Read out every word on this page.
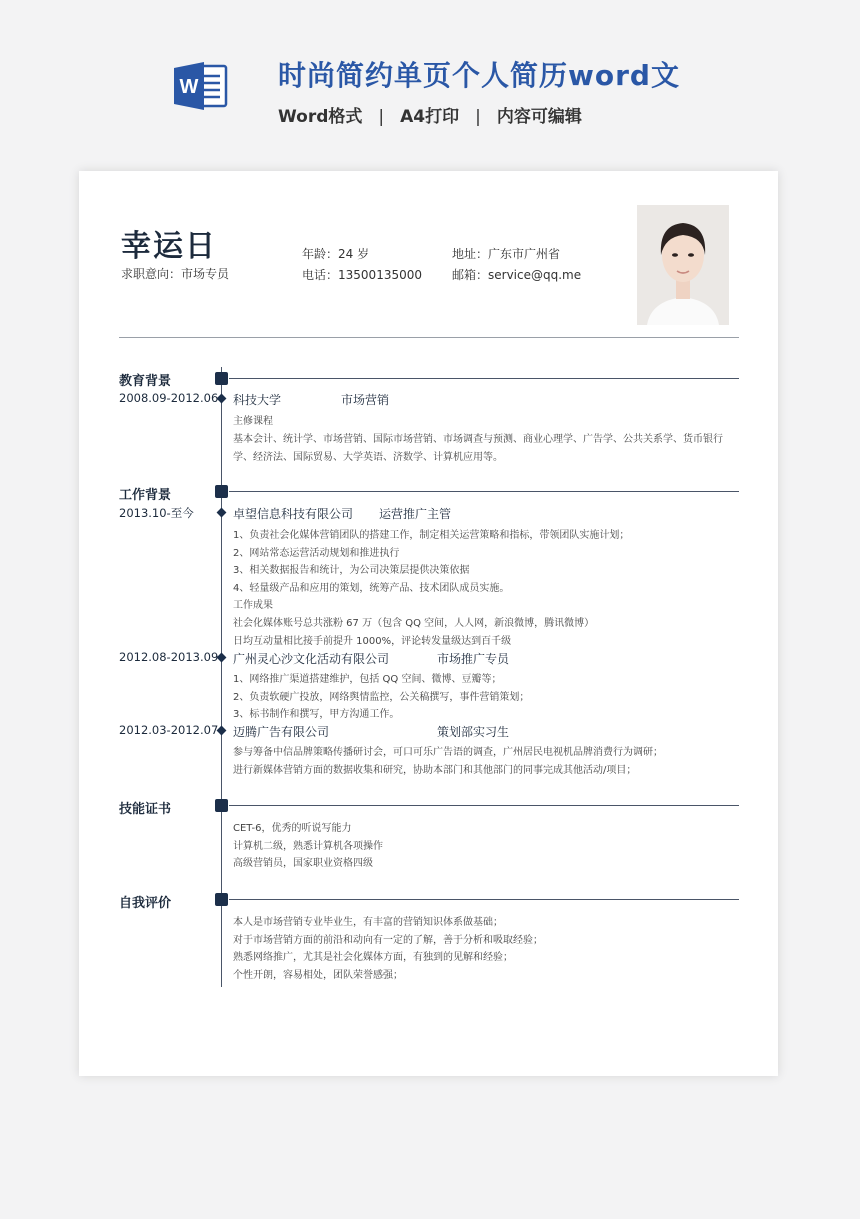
W	时尚简约单页个人简历word文
Word格式 | A4打印 | 内容可编辑
幸运日
求职意向：市场专员
年龄：24 岁
电话：13500135000
地址：广东市广州省
邮箱：service@qq.me
教育背景
2008.09-2012.06 科技大学	市场营销
主修课程
基本会计、统计学、市场营销、国际市场营销、市场调查与预测、商业心理学、广告学、公共关系学、货币银行
学、经济法、国际贸易、大学英语、济数学、计算机应用等。
工作背景
2013.10-至今	卓望信息科技有限公司 运营推广主管
1、负责社会化媒体营销团队的搭建工作，制定相关运营策略和指标，带领团队实施计划；
2、网站常态运营活动规划和推进执行
3、相关数据报告和统计，为公司决策层提供决策依据
4、轻量级产品和应用的策划，统筹产品、技术团队成员实施。
工作成果
社会化媒体账号总共涨粉 67 万（包含 QQ 空间，人人网，新浪微博，腾讯微博）
日均互动量相比接手前提升 1000%，评论转发量级达到百千级
2012.08-2013.09 广州灵心沙文化活动有限公司	市场推广专员
1、网络推广渠道搭建维护，包括 QQ 空间、微博、豆瓣等；
2、负责软硬广投放，网络舆情监控，公关稿撰写，事件营销策划；
3、标书制作和撰写，甲方沟通工作。
2012.03-2012.07 迈腾广告有限公司	策划部实习生
参与筹备中信品牌策略传播研讨会，可口可乐广告语的调查，广州居民电视机品牌消费行为调研；
进行新媒体营销方面的数据收集和研究，协助本部门和其他部门的同事完成其他活动/项目；
技能证书
CET-6，优秀的听说写能力
计算机二级，熟悉计算机各项操作
高级营销员，国家职业资格四级
自我评价
本人是市场营销专业毕业生，有丰富的营销知识体系做基础；
对于市场营销方面的前沿和动向有一定的了解，善于分析和吸取经验；
熟悉网络推广，尤其是社会化媒体方面，有独到的见解和经验；
个性开朗，容易相处，团队荣誉感强；
